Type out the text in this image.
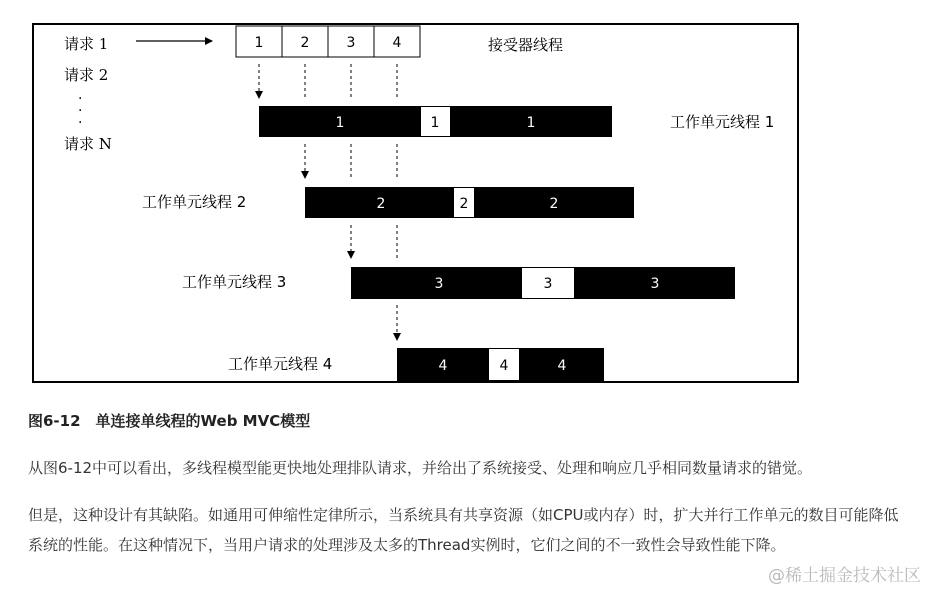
请求 1
请求 2
·
·
·
请求 N
1	2	3	4	接受器线程
1	1	1	工作单元线程 1
工作单元线程 2	2	2	2
工作单元线程 3	3	3	3
工作单元线程 4	4	4	4
图6-12　单连接单线程的Web MVC模型
从图6-12中可以看出，多线程模型能更快地处理排队请求，并给出了系统接受、处理和响应几乎相同数量请求的错觉。
但是，这种设计有其缺陷。如通用可伸缩性定律所示，当系统具有共享资源（如CPU或内存）时，扩大并行工作单元的数目可能降低系统的性能。在这种情况下，当用户请求的处理涉及太多的Thread实例时，它们之间的不一致性会导致性能下降。
@稀土掘金技术社区
